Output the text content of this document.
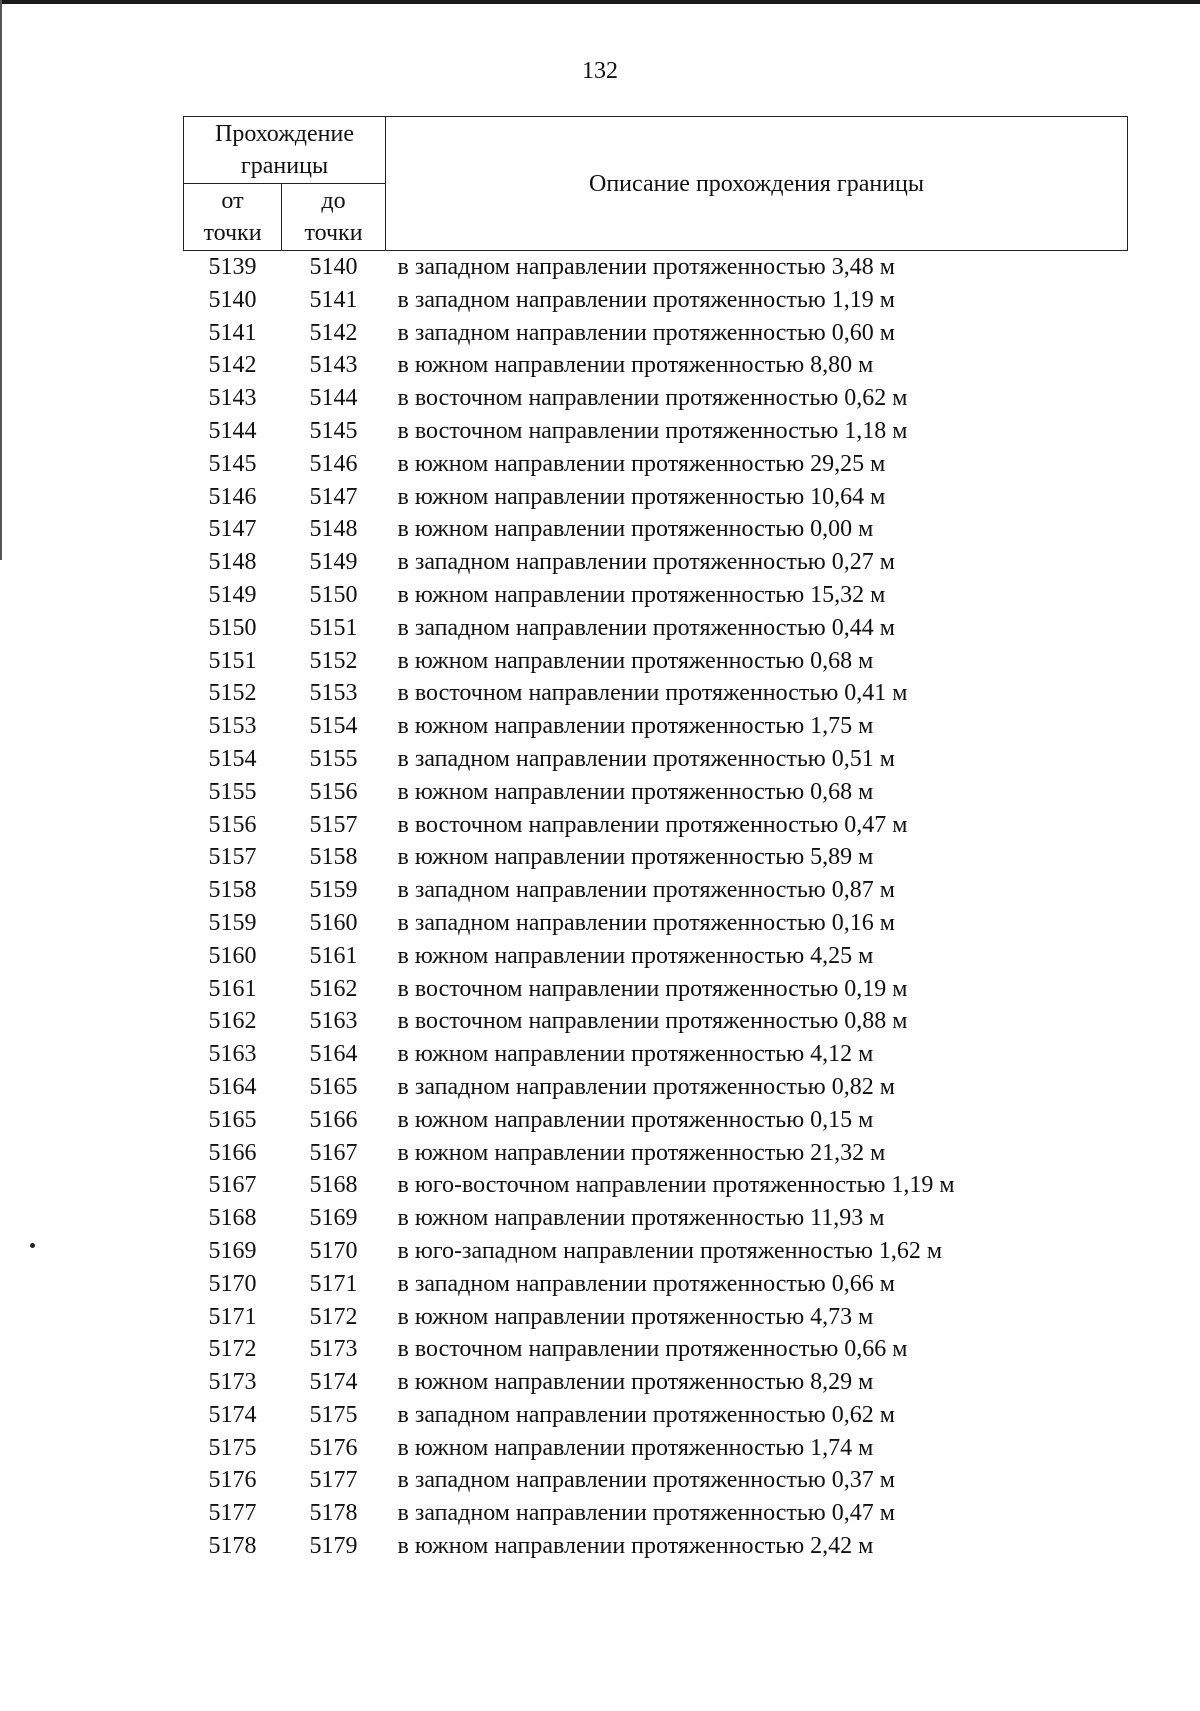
132
Прохождение границы		Описание прохождения границы
от точки	до точки	
5139	5140	в западном направлении протяженностью 3,48 м
5140	5141	в западном направлении протяженностью 1,19 м
5141	5142	в западном направлении протяженностью 0,60 м
5142	5143	в южном направлении протяженностью 8,80 м
5143	5144	в восточном направлении протяженностью 0,62 м
5144	5145	в восточном направлении протяженностью 1,18 м
5145	5146	в южном направлении протяженностью 29,25 м
5146	5147	в южном направлении протяженностью 10,64 м
5147	5148	в южном направлении протяженностью 0,00 м
5148	5149	в западном направлении протяженностью 0,27 м
5149	5150	в южном направлении протяженностью 15,32 м
5150	5151	в западном направлении протяженностью 0,44 м
5151	5152	в южном направлении протяженностью 0,68 м
5152	5153	в восточном направлении протяженностью 0,41 м
5153	5154	в южном направлении протяженностью 1,75 м
5154	5155	в западном направлении протяженностью 0,51 м
5155	5156	в южном направлении протяженностью 0,68 м
5156	5157	в восточном направлении протяженностью 0,47 м
5157	5158	в южном направлении протяженностью 5,89 м
5158	5159	в западном направлении протяженностью 0,87 м
5159	5160	в западном направлении протяженностью 0,16 м
5160	5161	в южном направлении протяженностью 4,25 м
5161	5162	в восточном направлении протяженностью 0,19 м
5162	5163	в восточном направлении протяженностью 0,88 м
5163	5164	в южном направлении протяженностью 4,12 м
5164	5165	в западном направлении протяженностью 0,82 м
5165	5166	в южном направлении протяженностью 0,15 м
5166	5167	в южном направлении протяженностью 21,32 м
5167	5168	в юго-восточном направлении протяженностью 1,19 м
5168	5169	в южном направлении протяженностью 11,93 м
5169	5170	в юго-западном направлении протяженностью 1,62 м
5170	5171	в западном направлении протяженностью 0,66 м
5171	5172	в южном направлении протяженностью 4,73 м
5172	5173	в восточном направлении протяженностью 0,66 м
5173	5174	в южном направлении протяженностью 8,29 м
5174	5175	в западном направлении протяженностью 0,62 м
5175	5176	в южном направлении протяженностью 1,74 м
5176	5177	в западном направлении протяженностью 0,37 м
5177	5178	в западном направлении протяженностью 0,47 м
5178	5179	в южном направлении протяженностью 2,42 м
